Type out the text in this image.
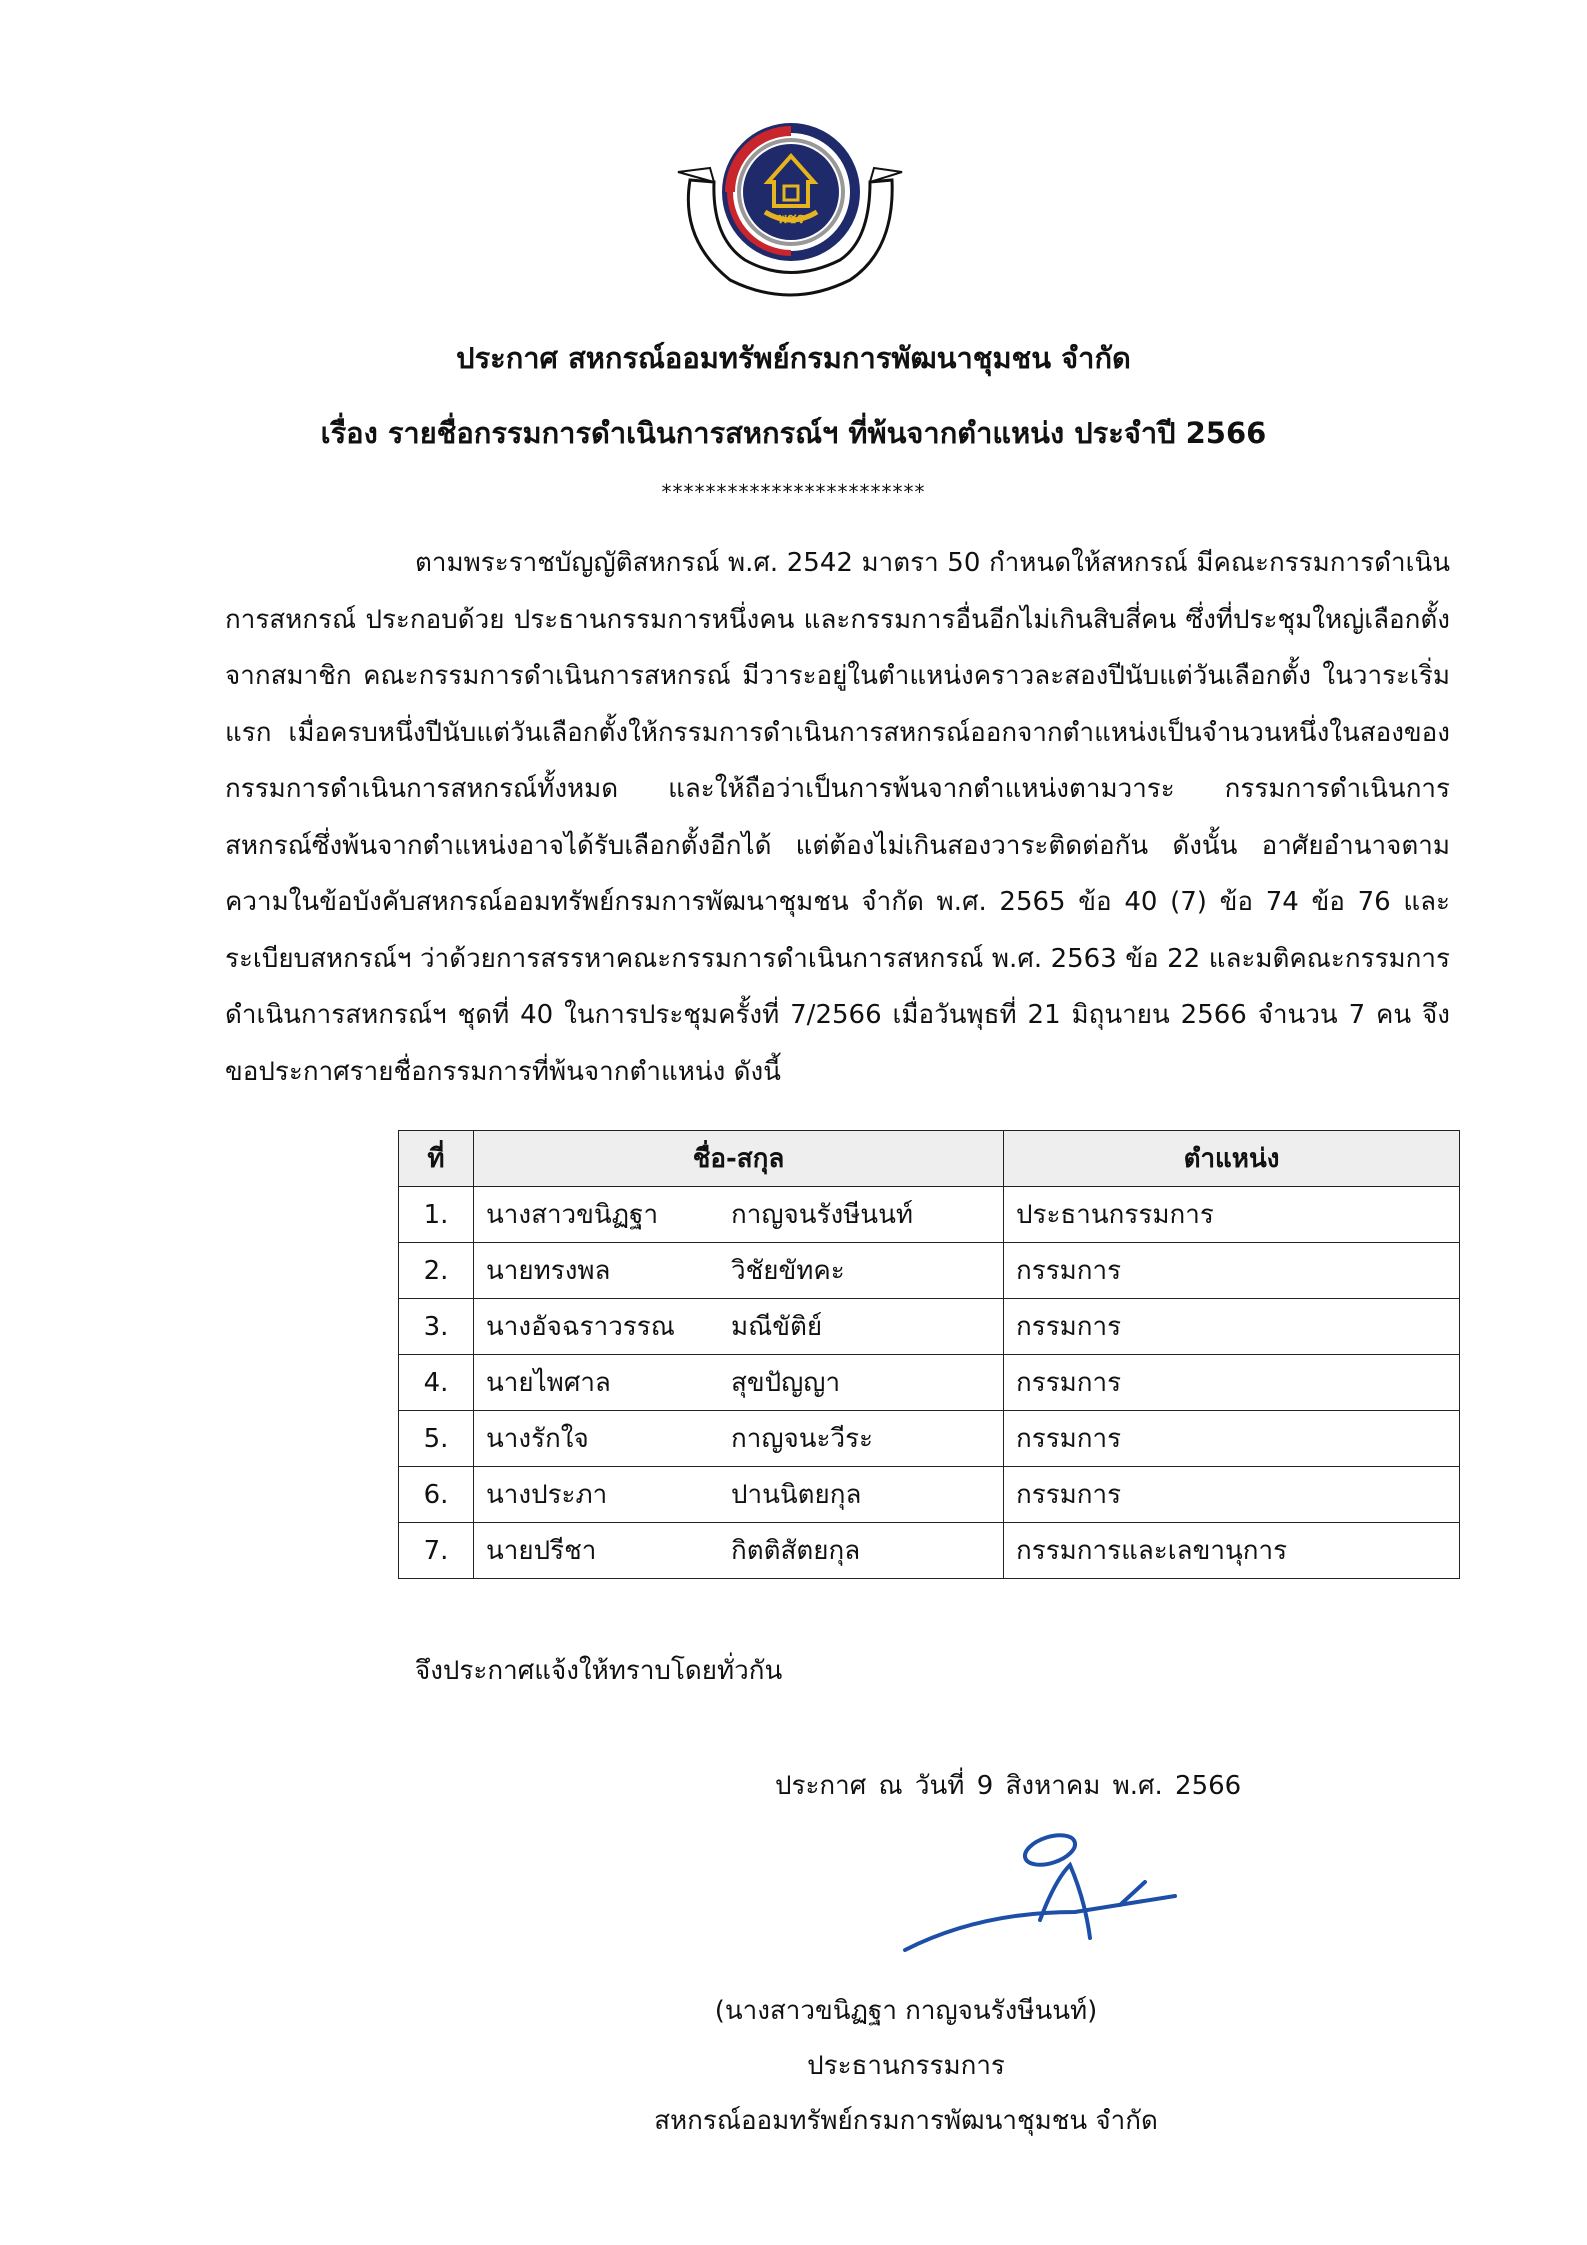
พชร
ประกาศ สหกรณ์ออมทรัพย์กรมการพัฒนาชุมชน จำกัด
เรื่อง รายชื่อกรรมการดำเนินการสหกรณ์ฯ ที่พ้นจากตำแหน่ง ประจำปี 2566
************************

ตามพระราชบัญญัติสหกรณ์ พ.ศ. 2542 มาตรา 50 กำหนดให้สหกรณ์ มีคณะกรรมการดำเนินการสหกรณ์ ประกอบด้วย ประธานกรรมการหนึ่งคน และกรรมการอื่นอีกไม่เกินสิบสี่คน ซึ่งที่ประชุมใหญ่เลือกตั้งจากสมาชิก คณะกรรมการดำเนินการสหกรณ์ มีวาระอยู่ในตำแหน่งคราวละสองปีนับแต่วันเลือกตั้ง ในวาระเริ่มแรก เมื่อครบหนึ่งปีนับแต่วันเลือกตั้งให้กรรมการดำเนินการสหกรณ์ออกจากตำแหน่งเป็นจำนวนหนึ่งในสองของกรรมการดำเนินการสหกรณ์ทั้งหมด และให้ถือว่าเป็นการพ้นจากตำแหน่งตามวาระ กรรมการดำเนินการสหกรณ์ซึ่งพ้นจากตำแหน่งอาจได้รับเลือกตั้งอีกได้ แต่ต้องไม่เกินสองวาระติดต่อกัน ดังนั้น อาศัยอำนาจตามความในข้อบังคับสหกรณ์ออมทรัพย์กรมการพัฒนาชุมชน จำกัด พ.ศ. 2565 ข้อ 40 (7) ข้อ 74 ข้อ 76 และระเบียบสหกรณ์ฯ ว่าด้วยการสรรหาคณะกรรมการดำเนินการสหกรณ์ พ.ศ. 2563 ข้อ 22 และมติคณะกรรมการดำเนินการสหกรณ์ฯ ชุดที่ 40 ในการประชุมครั้งที่ 7/2566 เมื่อวันพุธที่ 21 มิถุนายน 2566 จำนวน 7 คน จึงขอประกาศรายชื่อกรรมการที่พ้นจากตำแหน่ง ดังนี้

ที่	ชื่อ-สกุล	ตำแหน่ง
1.	นางสาวขนิฏฐา กาญจนรังษีนนท์	ประธานกรรมการ
2.	นายทรงพล วิชัยขัทคะ	กรรมการ
3.	นางอัจฉราวรรณ มณีขัติย์	กรรมการ
4.	นายไพศาล สุขปัญญา	กรรมการ
5.	นางรักใจ กาญจนะวีระ	กรรมการ
6.	นางประภา ปานนิตยกุล	กรรมการ
7.	นายปรีชา กิตติสัตยกุล	กรรมการและเลขานุการ
จึงประกาศแจ้งให้ทราบโดยทั่วกัน
ประกาศ ณ วันที่ 9 สิงหาคม พ.ศ. 2566
(นางสาวขนิฏฐา กาญจนรังษีนนท์)
ประธานกรรมการ
สหกรณ์ออมทรัพย์กรมการพัฒนาชุมชน จำกัด
